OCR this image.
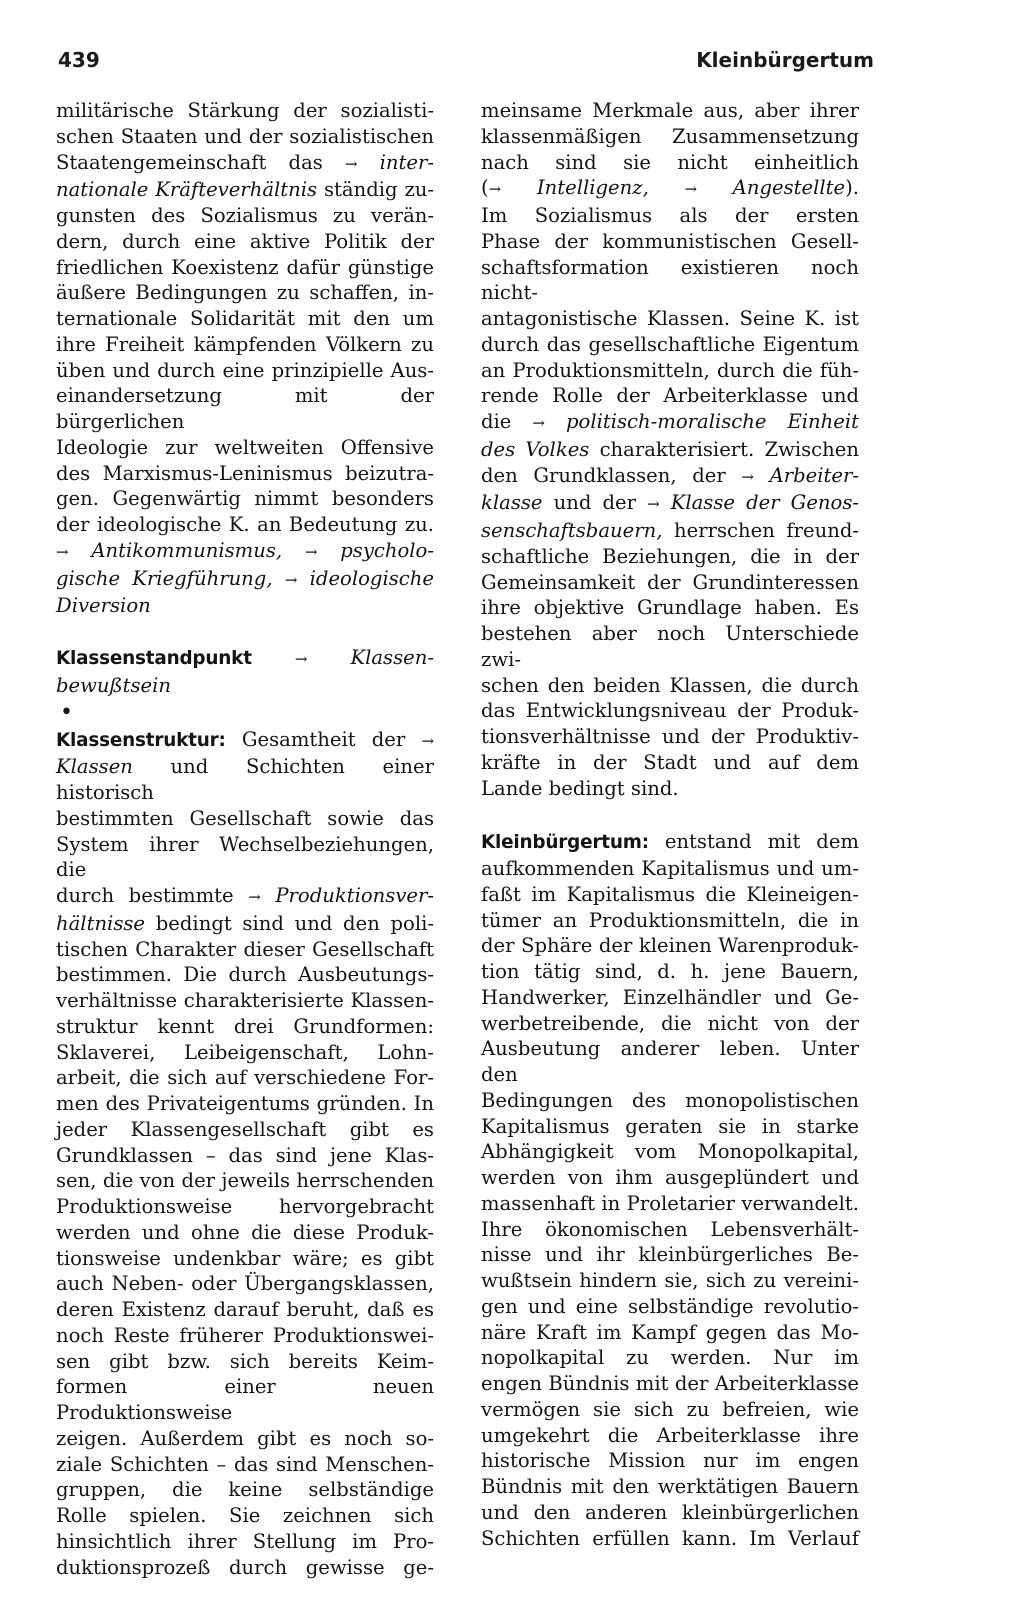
439	Kleinbürgertum

militärische Stärkung der sozialisti-

schen Staaten und der sozialistischen

Staatengemeinschaft das → inter-

nationale Kräfteverhältnis ständig zu-

gunsten des Sozialismus zu verän-

dern, durch eine aktive Politik der

friedlichen Koexistenz dafür günstige

äußere Bedingungen zu schaffen, in-

ternationale Solidarität mit den um

ihre Freiheit kämpfenden Völkern zu

üben und durch eine prinzipielle Aus-

einandersetzung mit der bürgerlichen

Ideologie zur weltweiten Offensive

des Marxismus-Leninismus beizutra-

gen. Gegenwärtig nimmt besonders

der ideologische K. an Bedeutung zu.

→ Antikommunismus, → psycholo-

gische Kriegführung, → ideologische

Diversion

Klassenstandpunkt	→ Klassen-

bewußtsein

•

Klassenstruktur: Gesamtheit der →

Klassen und Schichten einer historisch

bestimmten Gesellschaft sowie das

System ihrer Wechselbeziehungen, die

durch bestimmte → Produktionsver-

hältnisse bedingt sind und den poli-

tischen Charakter dieser Gesellschaft

bestimmen. Die durch Ausbeutungs-

verhältnisse charakterisierte Klassen-

struktur kennt drei Grundformen:

Sklaverei, Leibeigenschaft, Lohn-

arbeit, die sich auf verschiedene For-

men des Privateigentums gründen. In

jeder Klassengesellschaft gibt es

Grundklassen – das sind jene Klas-

sen, die von der jeweils herrschenden

Produktionsweise hervorgebracht

werden und ohne die diese Produk-

tionsweise undenkbar wäre; es gibt

auch Neben- oder Übergangsklassen,

deren Existenz darauf beruht, daß es

noch Reste früherer Produktionswei-

sen gibt bzw. sich bereits Keim-

formen einer neuen Produktionsweise

zeigen. Außerdem gibt es noch so-

ziale Schichten – das sind Menschen-

gruppen, die keine selbständige

Rolle spielen. Sie zeichnen sich

hinsichtlich ihrer Stellung im Pro-

duktionsprozeß durch gewisse ge-

meinsame Merkmale aus, aber ihrer

klassenmäßigen Zusammensetzung

nach sind sie nicht einheitlich

(→ Intelligenz, → Angestellte).

Im Sozialismus als der ersten

Phase der kommunistischen Gesell-

schaftsformation existieren noch nicht-

antagonistische Klassen. Seine K. ist

durch das gesellschaftliche Eigentum

an Produktionsmitteln, durch die füh-

rende Rolle der Arbeiterklasse und

die → politisch-moralische Einheit

des Volkes charakterisiert. Zwischen

den Grundklassen, der → Arbeiter-

klasse und der → Klasse der Genos-

senschaftsbauern, herrschen freund-

schaftliche Beziehungen, die in der

Gemeinsamkeit der Grundinteressen

ihre objektive Grundlage haben. Es

bestehen aber noch Unterschiede zwi-

schen den beiden Klassen, die durch

das Entwicklungsniveau der Produk-

tionsverhältnisse und der Produktiv-

kräfte in der Stadt und auf dem

Lande bedingt sind.

Kleinbürgertum: entstand mit dem

aufkommenden Kapitalismus und um-

faßt im Kapitalismus die Kleineigen-

tümer an Produktionsmitteln, die in

der Sphäre der kleinen Warenproduk-

tion tätig sind, d. h. jene Bauern,

Handwerker, Einzelhändler und Ge-

werbetreibende, die nicht von der

Ausbeutung anderer leben. Unter den

Bedingungen des monopolistischen

Kapitalismus geraten sie in starke

Abhängigkeit vom Monopolkapital,

werden von ihm ausgeplündert und

massenhaft in Proletarier verwandelt.

Ihre ökonomischen Lebensverhält-

nisse und ihr kleinbürgerliches Be-

wußtsein hindern sie, sich zu vereini-

gen und eine selbständige revolutio-

näre Kraft im Kampf gegen das Mo-

nopolkapital zu werden. Nur im

engen Bündnis mit der Arbeiterklasse

vermögen sie sich zu befreien, wie

umgekehrt die Arbeiterklasse ihre

historische Mission nur im engen

Bündnis mit den werktätigen Bauern

und den anderen kleinbürgerlichen

Schichten erfüllen kann. Im Verlauf
